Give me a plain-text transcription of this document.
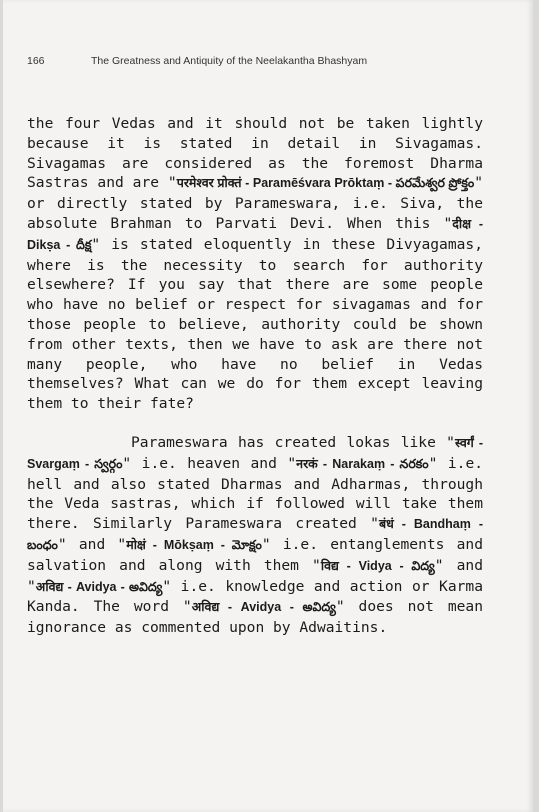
166	The Greatness and Antiquity of the Neelakantha Bhashyam

the four Vedas and it should not be taken lightly because it is stated in detail in Sivagamas. Sivagamas are considered as the foremost Dharma Sastras and are "परमेश्वर प्रोक्तं - Paramēśvara Prōktaṃ - పరమేశ్వర ప్రోక్తం" or directly stated by Parameswara, i.e. Siva, the absolute Brahman to Parvati Devi. When this "दीक्ष - Dikṣa - దీక్ష" is stated eloquently in these Divyagamas, where is the necessity to search for authority elsewhere? If you say that there are some people who have no belief or respect for sivagamas and for those people to believe, authority could be shown from other texts, then we have to ask are there not many people, who have no belief in Vedas themselves? What can we do for them except leaving them to their fate?

Parameswara has created lokas like "स्वर्गं - Svargaṃ - స్వర్గం" i.e. heaven and "नरकं - Narakaṃ - నరకం" i.e. hell and also stated Dharmas and Adharmas, through the Veda sastras, which if followed will take them there. Similarly Parameswara created "बंधं - Bandhaṃ - బంధం" and "मोक्षं - Mōkṣaṃ - మోక్షం" i.e. entanglements and salvation and along with them "विद्य - Vidya - విద్య" and "अविद्य - Avidya - అవిద్య" i.e. knowledge and action or Karma Kanda. The word "अविद्य - Avidya - అవిద్య" does not mean ignorance as commented upon by Adwaitins.
